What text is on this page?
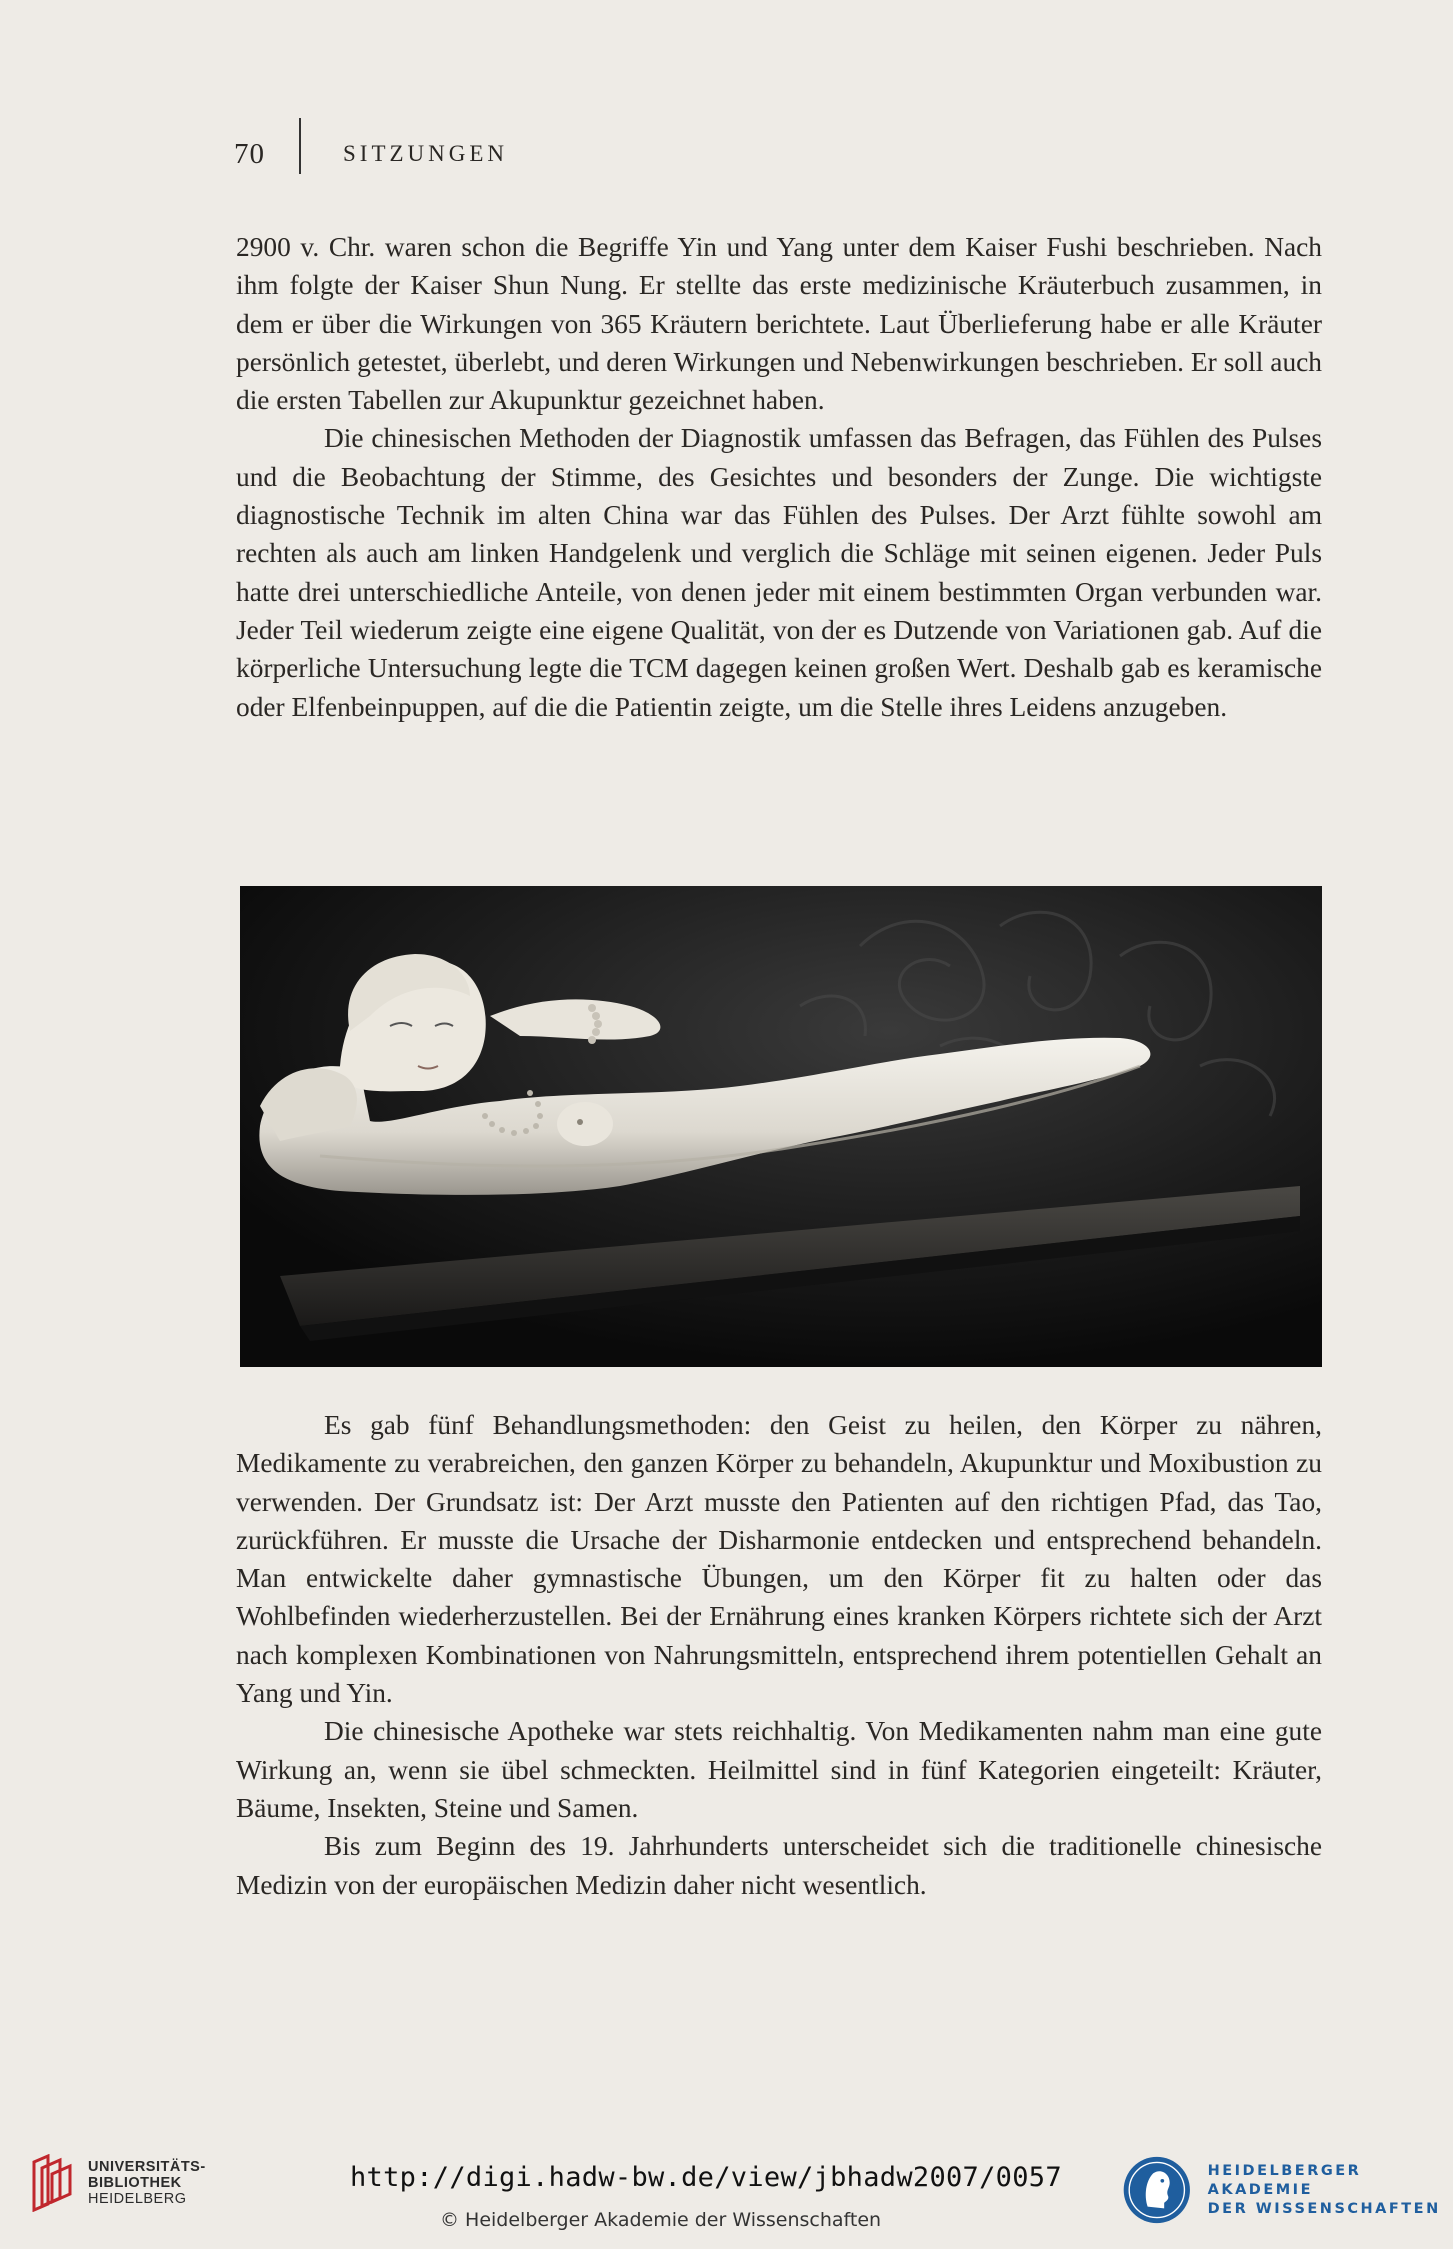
70	SITZUNGEN

2900 v. Chr. waren schon die Begriffe Yin und Yang unter dem Kaiser Fushi beschrieben. Nach ihm folgte der Kaiser Shun Nung. Er stellte das erste medizinische Kräuterbuch zusammen, in dem er über die Wirkungen von 365 Kräutern berichtete. Laut Überlieferung habe er alle Kräuter persönlich getestet, überlebt, und deren Wirkungen und Nebenwirkungen beschrieben. Er soll auch die ersten Tabellen zur Akupunktur gezeichnet haben.

Die chinesischen Methoden der Diagnostik umfassen das Befragen, das Fühlen des Pulses und die Beobachtung der Stimme, des Gesichtes und besonders der Zunge. Die wichtigste diagnostische Technik im alten China war das Fühlen des Pulses. Der Arzt fühlte sowohl am rechten als auch am linken Handgelenk und verglich die Schläge mit seinen eigenen. Jeder Puls hatte drei unterschiedliche Anteile, von denen jeder mit einem bestimmten Organ verbunden war. Jeder Teil wiederum zeigte eine eigene Qualität, von der es Dutzende von Variationen gab. Auf die körperliche Untersuchung legte die TCM dagegen keinen großen Wert. Deshalb gab es keramische oder Elfenbeinpuppen, auf die die Patientin zeigte, um die Stelle ihres Leidens anzugeben.

Es gab fünf Behandlungsmethoden: den Geist zu heilen, den Körper zu nähren, Medikamente zu verabreichen, den ganzen Körper zu behandeln, Akupunktur und Moxibustion zu verwenden. Der Grundsatz ist: Der Arzt musste den Patienten auf den richtigen Pfad, das Tao, zurückführen. Er musste die Ursache der Disharmonie entdecken und entsprechend behandeln. Man entwickelte daher gymnastische Übungen, um den Körper fit zu halten oder das Wohlbefinden wiederherzustellen. Bei der Ernährung eines kranken Körpers richtete sich der Arzt nach komplexen Kombinationen von Nahrungsmitteln, entsprechend ihrem potentiellen Gehalt an Yang und Yin.

Die chinesische Apotheke war stets reichhaltig. Von Medikamenten nahm man eine gute Wirkung an, wenn sie übel schmeckten. Heilmittel sind in fünf Kategorien eingeteilt: Kräuter, Bäume, Insekten, Steine und Samen.

Bis zum Beginn des 19. Jahrhunderts unterscheidet sich die traditionelle chinesische Medizin von der europäischen Medizin daher nicht wesentlich.

UNIVERSITÄTS-
BIBLIOTHEK
HEIDELBERG
http://digi.hadw-bw.de/view/jbhadw2007/0057
© Heidelberger Akademie der Wissenschaften
HEIDELBERGER AKADEMIE
DER WISSENSCHAFTEN
